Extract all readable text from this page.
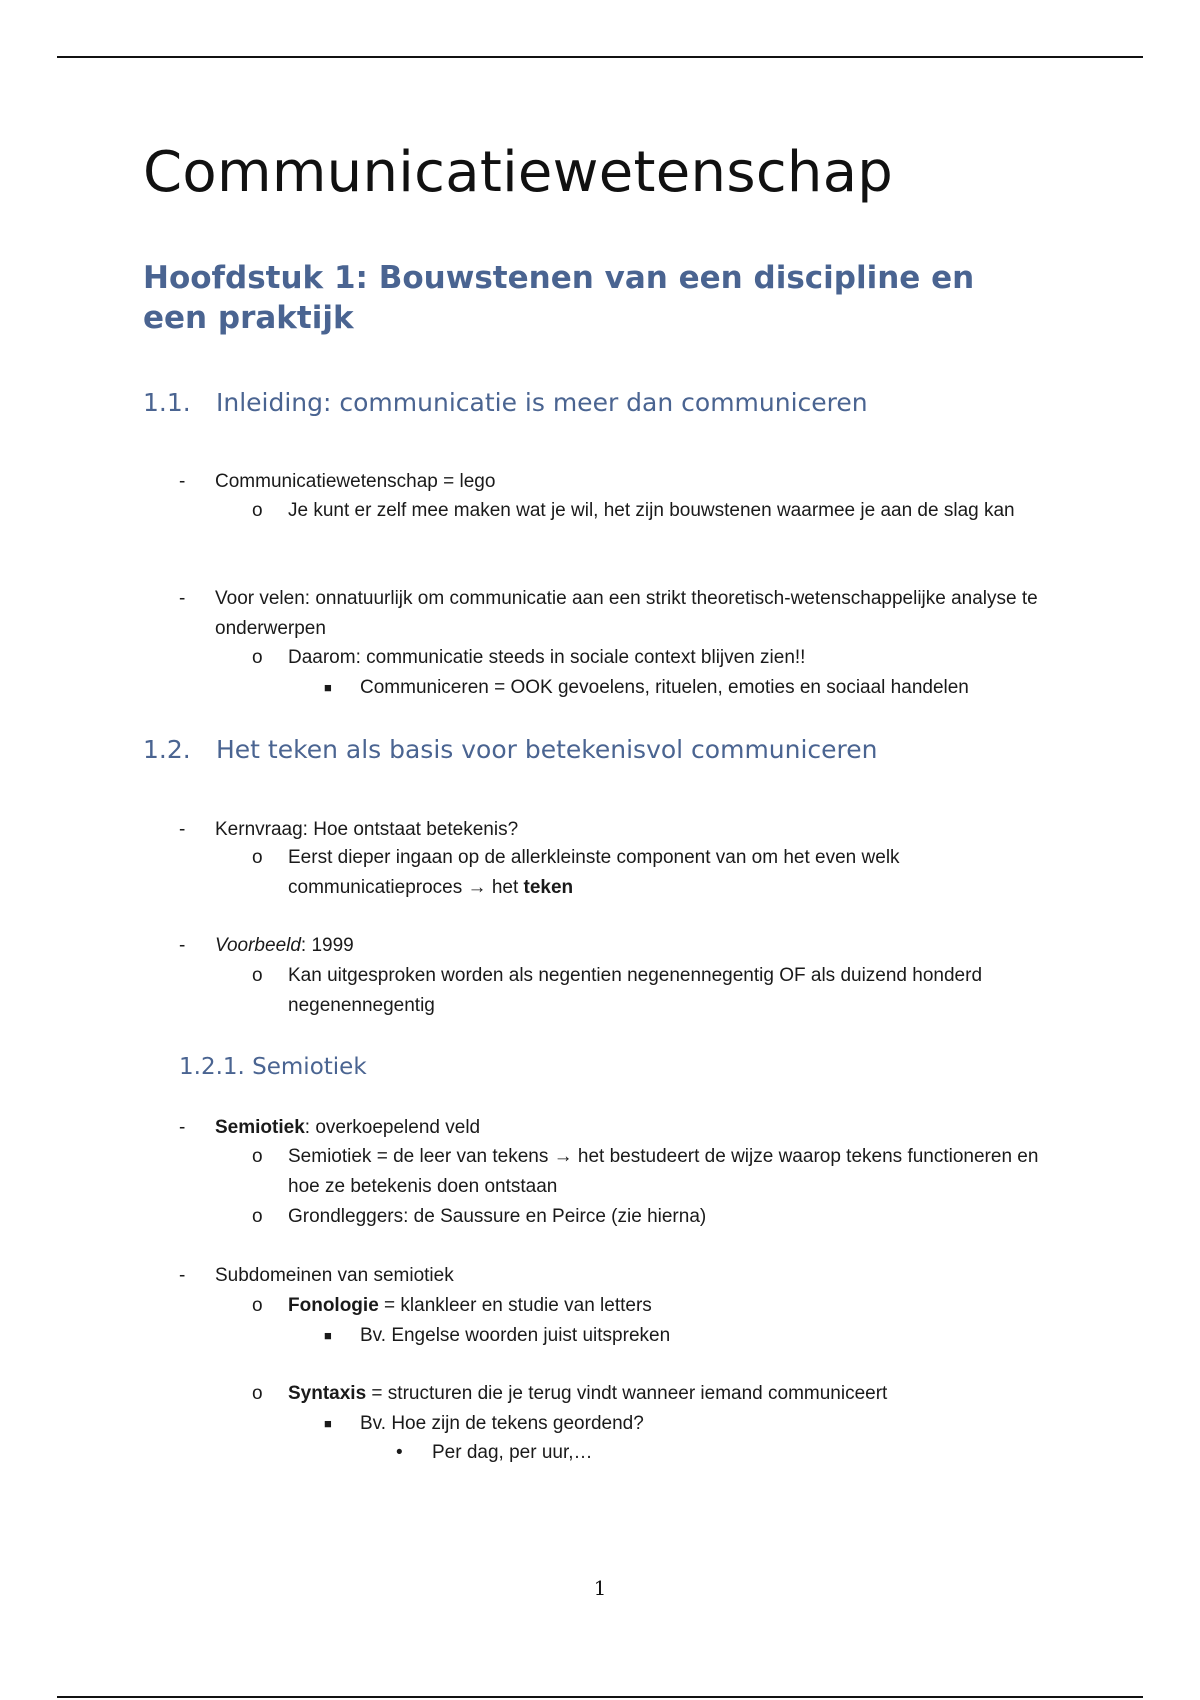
Communicatiewetenschap
Hoofdstuk 1: Bouwstenen van een discipline en een praktijk
1.1. Inleiding: communicatie is meer dan communiceren

- Communicatiewetenschap = lego

o Je kunt er zelf mee maken wat je wil, het zijn bouwstenen waarmee je aan de slag kan

- Voor velen: onnatuurlijk om communicatie aan een strikt theoretisch-wetenschappelijke analyse te onderwerpen

o Daarom: communicatie steeds in sociale context blijven zien!!

■ Communiceren = OOK gevoelens, rituelen, emoties en sociaal handelen

1.2. Het teken als basis voor betekenisvol communiceren

- Kernvraag: Hoe ontstaat betekenis?

o Eerst dieper ingaan op de allerkleinste component van om het even welk communicatieproces → het teken

- Voorbeeld: 1999

o Kan uitgesproken worden als negentien negenennegentig OF als duizend honderd negenennegentig

1.2.1. Semiotiek

- Semiotiek: overkoepelend veld

o Semiotiek = de leer van tekens → het bestudeert de wijze waarop tekens functioneren en hoe ze betekenis doen ontstaan

o Grondleggers: de Saussure en Peirce (zie hierna)

- Subdomeinen van semiotiek

o Fonologie = klankleer en studie van letters

■ Bv. Engelse woorden juist uitspreken

o Syntaxis = structuren die je terug vindt wanneer iemand communiceert

■ Bv. Hoe zijn de tekens geordend?

• Per dag, per uur,…

1
